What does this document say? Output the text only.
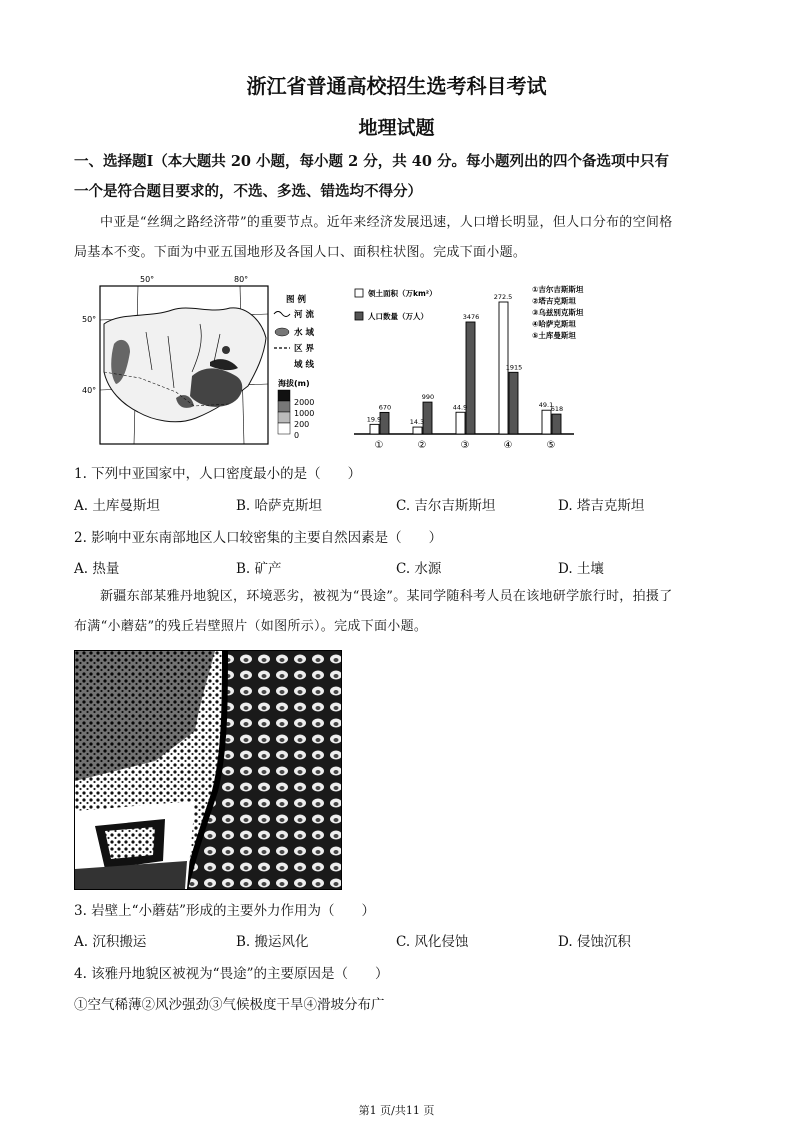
浙江省普通高校招生选考科目考试
地理试题
一、选择题Ⅰ（本大题共 20 小题，每小题 2 分，共 40 分。每小题列出的四个备选项中只有
一个是符合题目要求的，不选、多选、错选均不得分）
中亚是“丝绸之路经济带”的重要节点。近年来经济发展迅速，人口增长明显，但人口分布的空间格
局基本不变。下面为中亚五国地形及各国人口、面积柱状图。完成下面小题。
50°	80°
50°
40°
图 例
河 流
水 域
区 界
域 线
海拔(m)
2000
1000
200
0
领土面积（万km²）
人口数量（万人）
①吉尔吉斯斯坦
②塔吉克斯坦
③乌兹别克斯坦
④哈萨克斯坦
⑤土库曼斯坦
19.9
670
①
14.3
990
②
44.9
3476
③
272.5
1915
④
49.1
618
⑤
1. 下列中亚国家中，人口密度最小的是（　　）
A. 土库曼斯坦	B. 哈萨克斯坦	C. 吉尔吉斯斯坦	D. 塔吉克斯坦
2. 影响中亚东南部地区人口较密集的主要自然因素是（　　）
A. 热量	B. 矿产	C. 水源	D. 土壤
新疆东部某雅丹地貌区，环境恶劣，被视为“畏途”。某同学随科考人员在该地研学旅行时，拍摄了
布满“小蘑菇”的残丘岩壁照片（如图所示）。完成下面小题。
3. 岩壁上“小蘑菇”形成的主要外力作用为（　　）
A. 沉积搬运	B. 搬运风化	C. 风化侵蚀	D. 侵蚀沉积
4. 该雅丹地貌区被视为“畏途”的主要原因是（　　）
①空气稀薄②风沙强劲③气候极度干旱④滑坡分布广
第1 页/共11 页
